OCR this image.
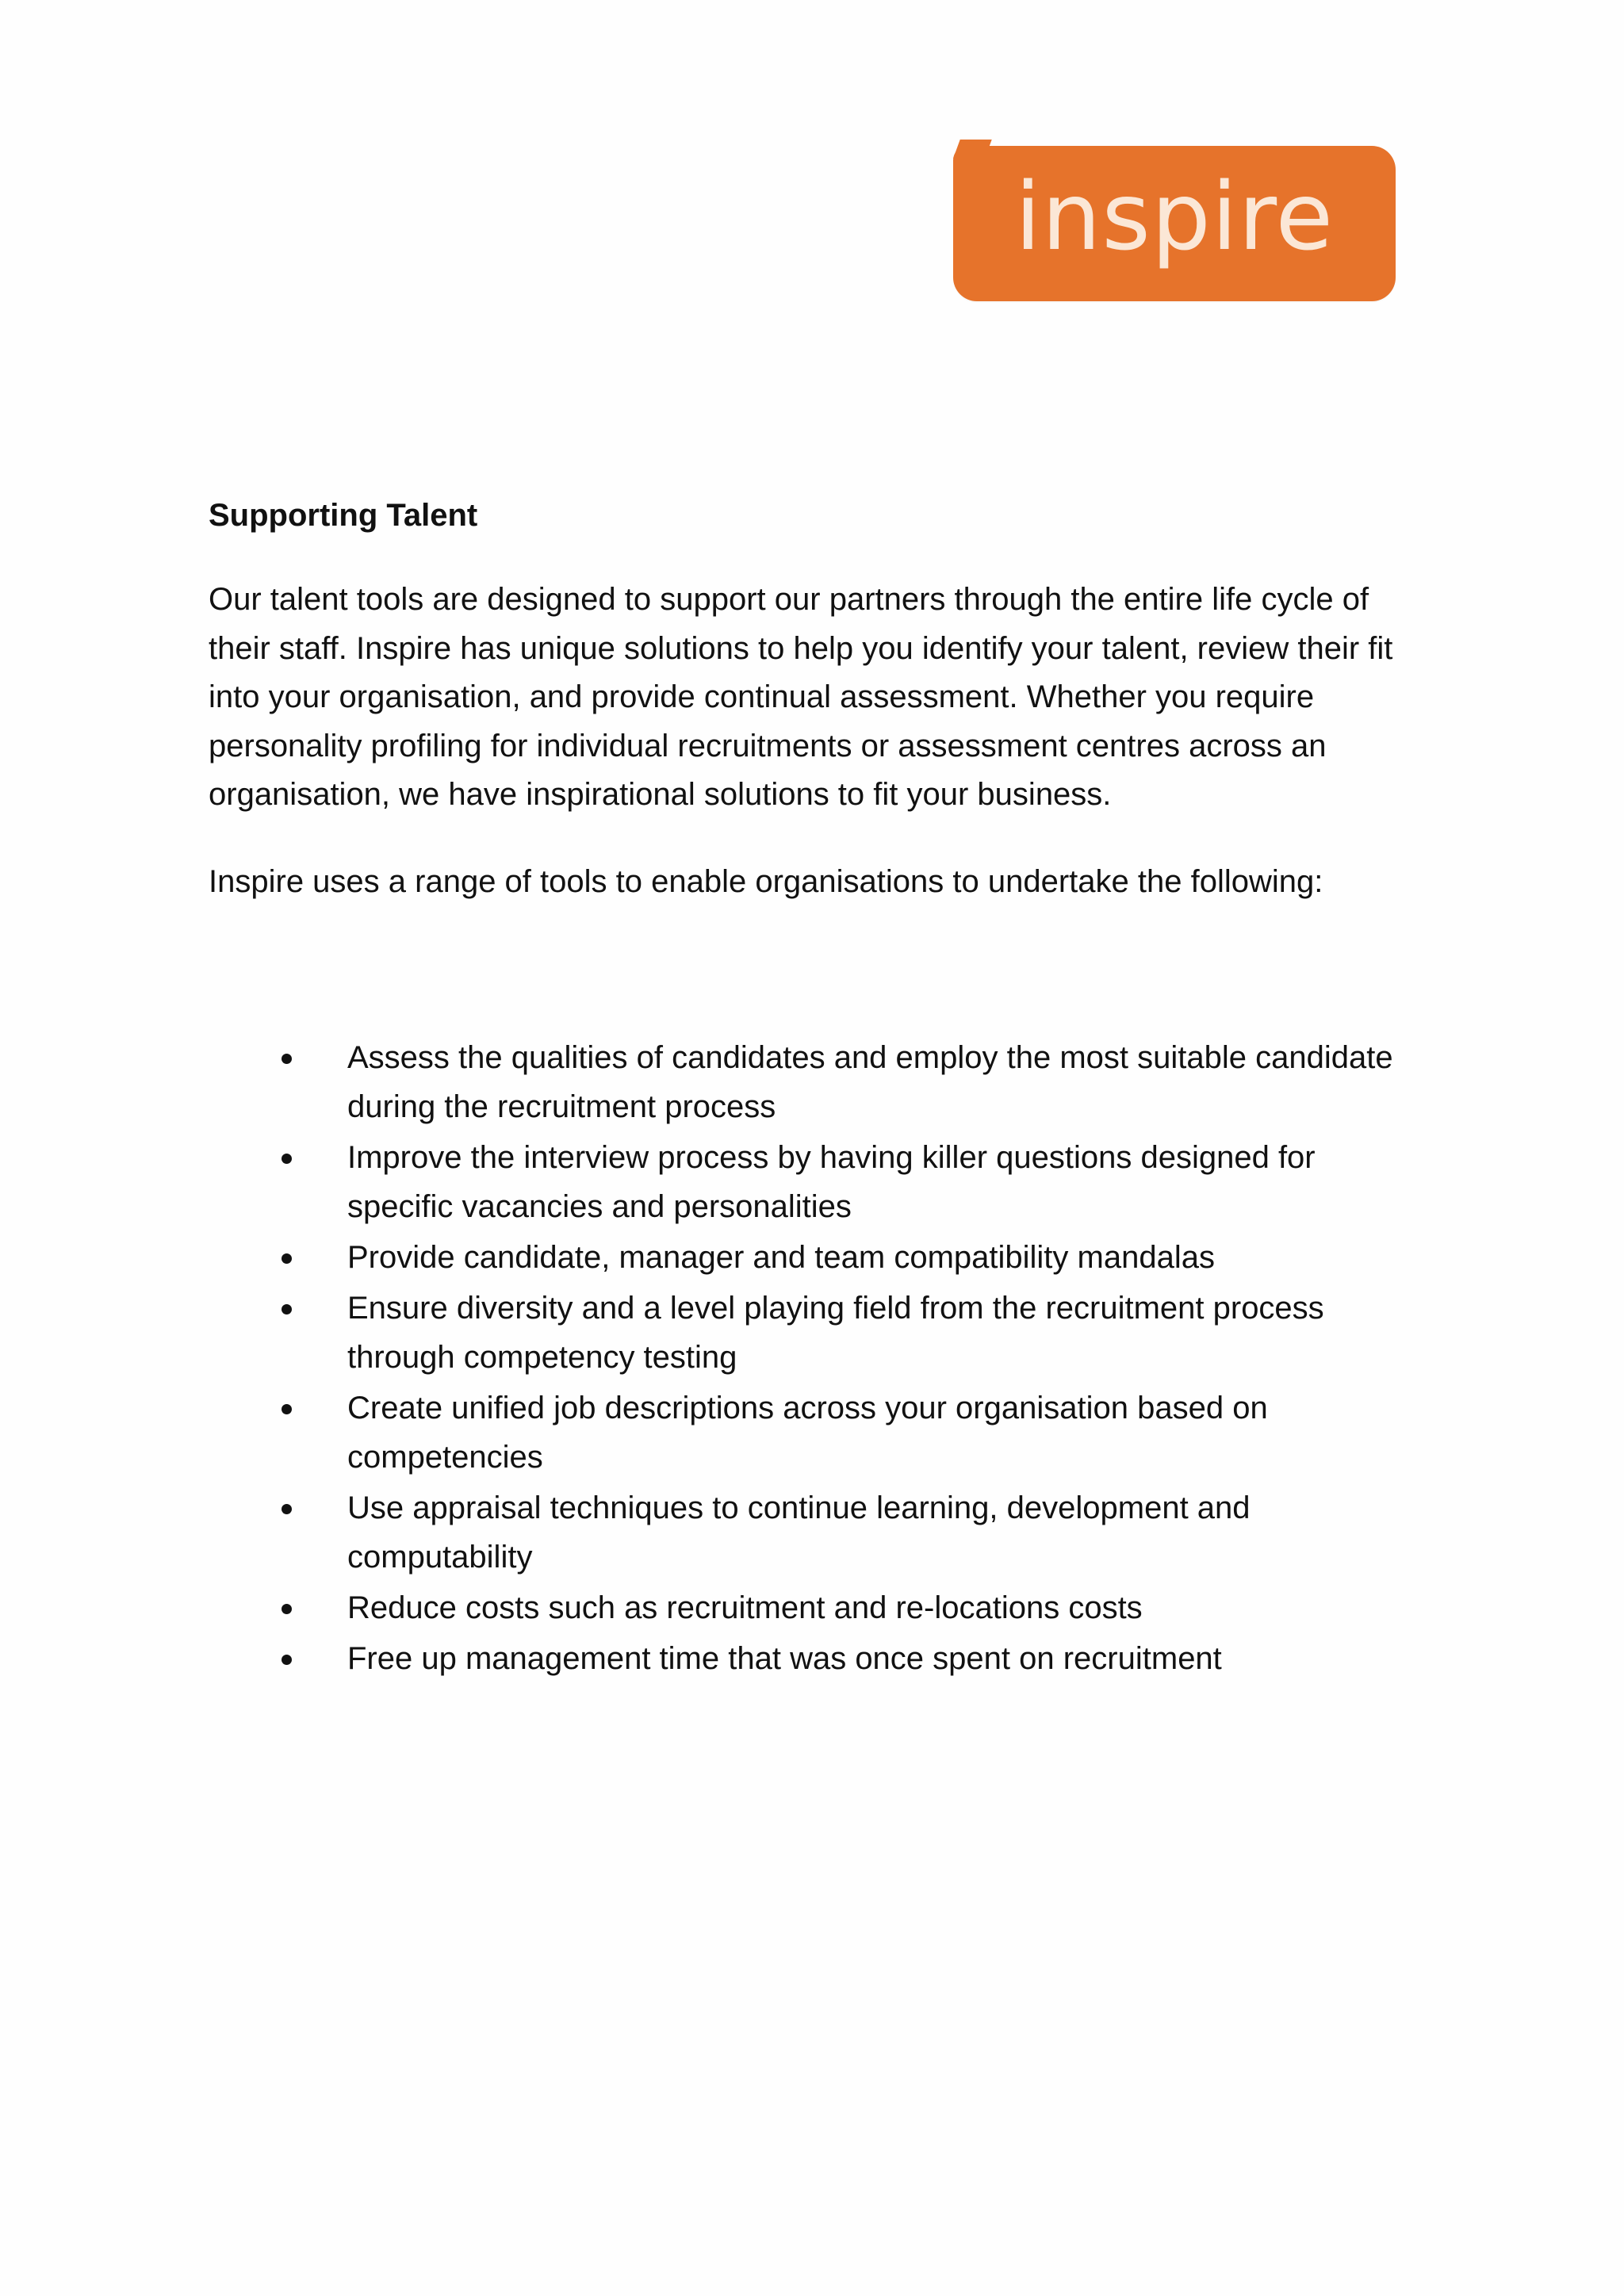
inspire
Supporting Talent

Our talent tools are designed to support our partners through the entire life cycle of their staff. Inspire has unique solutions to help you identify your talent, review their fit into your organisation, and provide continual assessment. Whether you require personality profiling for individual recruitments or assessment centres across an organisation, we have inspirational solutions to fit your business.

Inspire uses a range of tools to enable organisations to undertake the following:

Assess the qualities of candidates and employ the most suitable candidate during the recruitment process
Improve the interview process by having killer questions designed for specific vacancies and personalities
Provide candidate, manager and team compatibility mandalas
Ensure diversity and a level playing field from the recruitment process through competency testing
Create unified job descriptions across your organisation based on competencies
Use appraisal techniques to continue learning, development and computability
Reduce costs such as recruitment and re-locations costs
Free up management time that was once spent on recruitment
